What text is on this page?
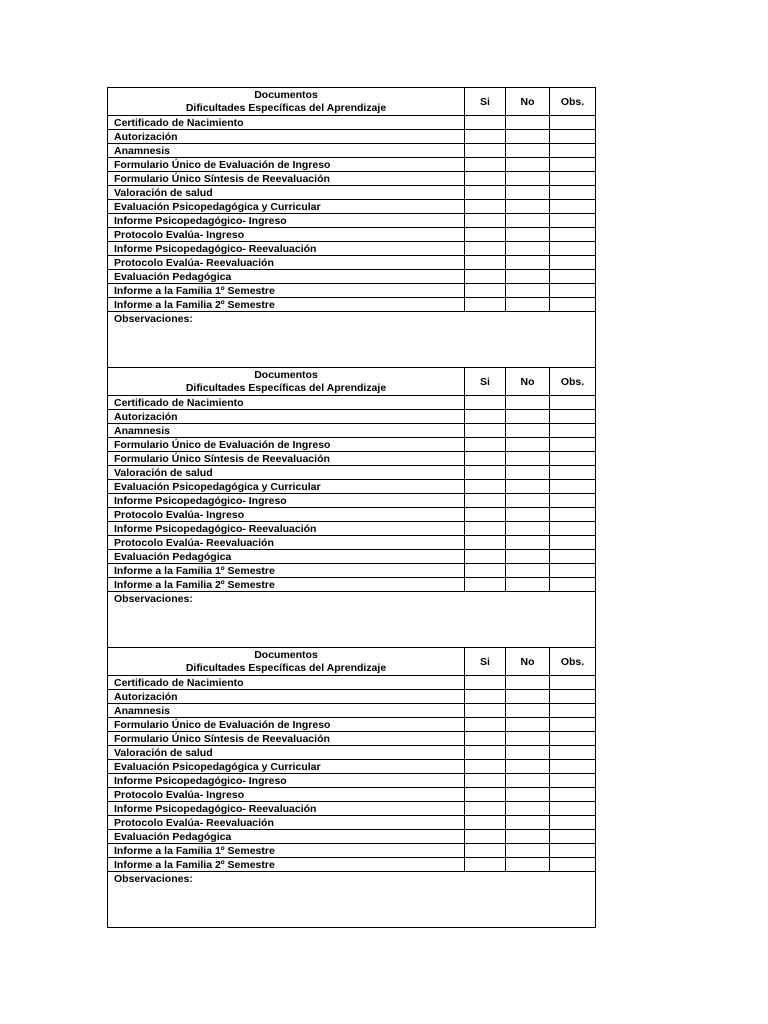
Documentos
Dificultades Específicas del Aprendizaje	Si	No	Obs.
Certificado de Nacimiento			
Autorización			
Anamnesis			
Formulario Único de Evaluación de Ingreso			
Formulario Único Síntesis de Reevaluación			
Valoración de salud			
Evaluación Psicopedagógica y Curricular			
Informe Psicopedagógico- Ingreso			
Protocolo Evalúa- Ingreso			
Informe Psicopedagógico- Reevaluación			
Protocolo Evalúa- Reevaluación			
Evaluación Pedagógica			
Informe a la Familia 1º Semestre			
Informe a la Familia 2º Semestre			
Observaciones:			

Documentos
Dificultades Específicas del Aprendizaje	Si	No	Obs.
Certificado de Nacimiento			
Autorización			
Anamnesis			
Formulario Único de Evaluación de Ingreso			
Formulario Único Síntesis de Reevaluación			
Valoración de salud			
Evaluación Psicopedagógica y Curricular			
Informe Psicopedagógico- Ingreso			
Protocolo Evalúa- Ingreso			
Informe Psicopedagógico- Reevaluación			
Protocolo Evalúa- Reevaluación			
Evaluación Pedagógica			
Informe a la Familia 1º Semestre			
Informe a la Familia 2º Semestre			
Observaciones:			

Documentos
Dificultades Específicas del Aprendizaje	Si	No	Obs.
Certificado de Nacimiento			
Autorización			
Anamnesis			
Formulario Único de Evaluación de Ingreso			
Formulario Único Síntesis de Reevaluación			
Valoración de salud			
Evaluación Psicopedagógica y Curricular			
Informe Psicopedagógico- Ingreso			
Protocolo Evalúa- Ingreso			
Informe Psicopedagógico- Reevaluación			
Protocolo Evalúa- Reevaluación			
Evaluación Pedagógica			
Informe a la Familia 1º Semestre			
Informe a la Familia 2º Semestre			
Observaciones:			
